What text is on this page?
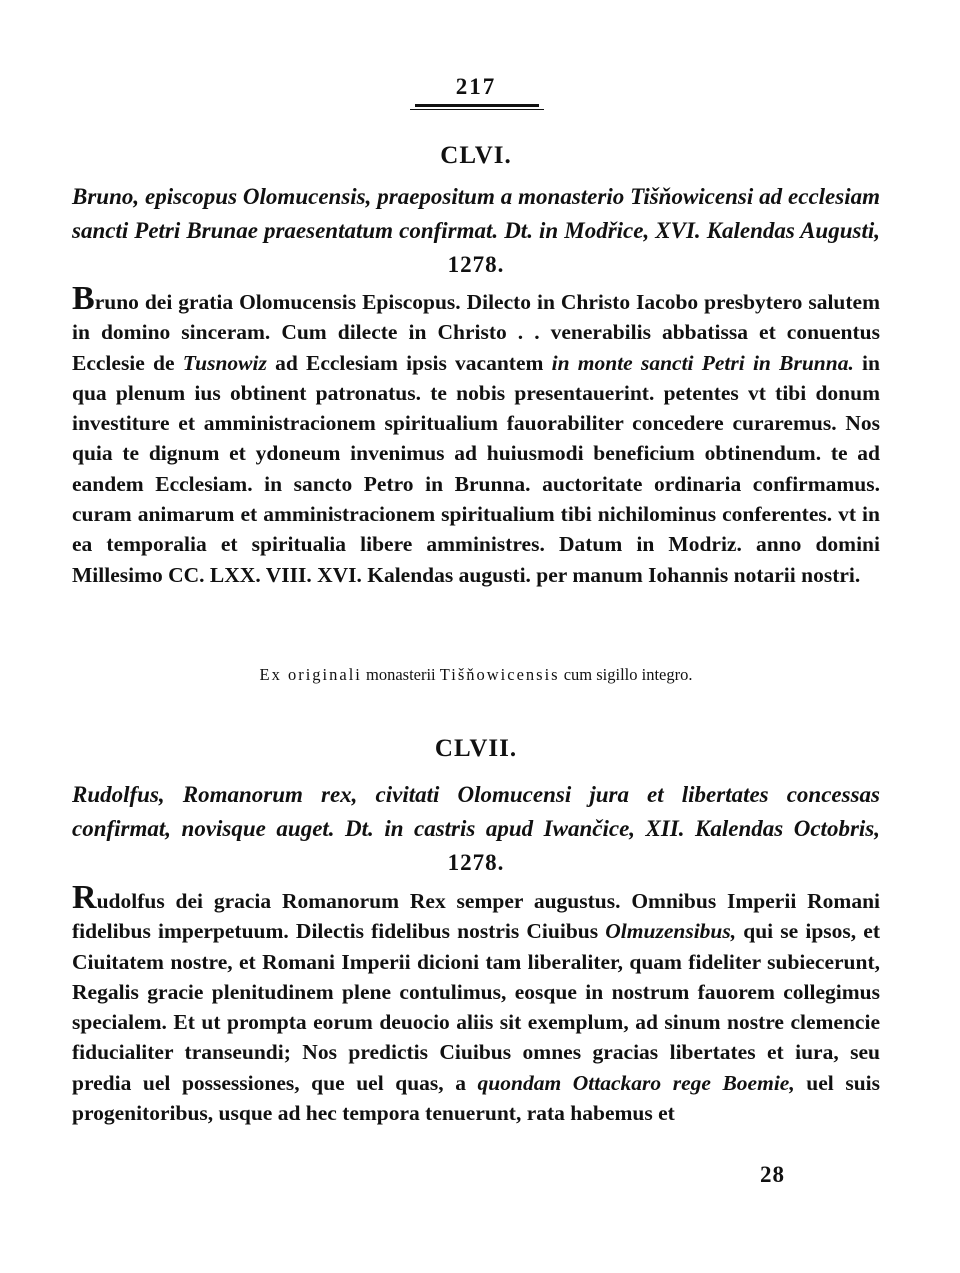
217
CLVI.
Bruno, episcopus Olomucensis, praepositum a monasterio Tišňowicensi ad ecclesiam sancti Petri Brunae praesentatum confirmat. Dt. in Modřice, XVI. Kalendas Augusti, 1278.
Bruno dei gratia Olomucensis Episcopus. Dilecto in Christo Iacobo presbytero salutem in domino sinceram. Cum dilecte in Christo . . venerabilis abbatissa et conuentus Ecclesie de Tusnowiz ad Ecclesiam ipsis vacantem in monte sancti Petri in Brunna. in qua plenum ius obtinent patronatus. te nobis presentauerint. petentes vt tibi donum investiture et amministracionem spiritualium fauorabiliter concedere curaremus. Nos quia te dignum et ydoneum invenimus ad huiusmodi beneficium obtinendum. te ad eandem Ecclesiam. in sancto Petro in Brunna. auctoritate ordinaria confirmamus. curam animarum et amministracionem spiritualium tibi nichilominus conferentes. vt in ea temporalia et spiritualia libere amministres. Datum in Modriz. anno domini Millesimo CC. LXX. VIII. XVI. Kalendas augusti. per manum Iohannis notarii nostri.
Ex originali monasterii Tišňowicensis cum sigillo integro.
CLVII.
Rudolfus, Romanorum rex, civitati Olomucensi jura et libertates concessas confirmat, novisque auget. Dt. in castris apud Iwančice, XII. Kalendas Octobris, 1278.
Rudolfus dei gracia Romanorum Rex semper augustus. Omnibus Imperii Romani fidelibus imperpetuum. Dilectis fidelibus nostris Ciuibus Olmuzensibus, qui se ipsos, et Ciuitatem nostre, et Romani Imperii dicioni tam liberaliter, quam fideliter subiecerunt, Regalis gracie plenitudinem plene contulimus, eosque in nostrum fauorem collegimus specialem. Et ut prompta eorum deuocio aliis sit exemplum, ad sinum nostre clemencie fiducialiter transeundi; Nos predictis Ciuibus omnes gracias libertates et iura, seu predia uel possessiones, que uel quas, a quondam Ottackaro rege Boemie, uel suis progenitoribus, usque ad hec tempora tenuerunt, rata habemus et
28
